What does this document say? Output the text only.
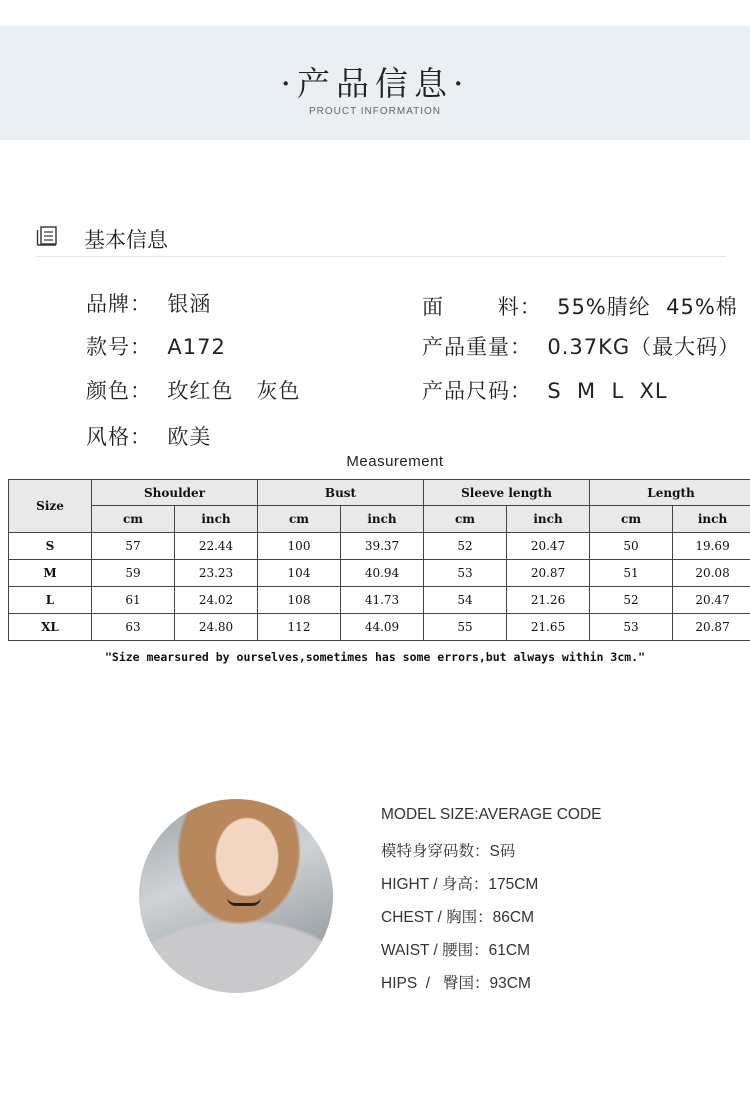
·产品信息·
PROUCT INFORMATION
基本信息
品牌：  银涵
款号：  A172
颜色：  玫红色   灰色
风格：  欧美
面       料：  55%腈纶  45%棉
产品重量：  0.37KG（最大码）
产品尺码：  S  M  L  XL
Measurement
Size	Shoulder		Bust		Sleeve length		Length	
	cm	inch	cm	inch	cm	inch	cm	inch
S	57	22.44	100	39.37	52	20.47	50	19.69
M	59	23.23	104	40.94	53	20.87	51	20.08
L	61	24.02	108	41.73	54	21.26	52	20.47
XL	63	24.80	112	44.09	55	21.65	53	20.87
"Size mearsured by ourselves,sometimes has some errors,but always within 3cm."
MODEL SIZE:AVERAGE CODE
模特身穿码数：S码
HIGHT / 身高：175CM
CHEST / 胸围：86CM
WAIST / 腰围：61CM
HIPS  /   臀国：93CM
